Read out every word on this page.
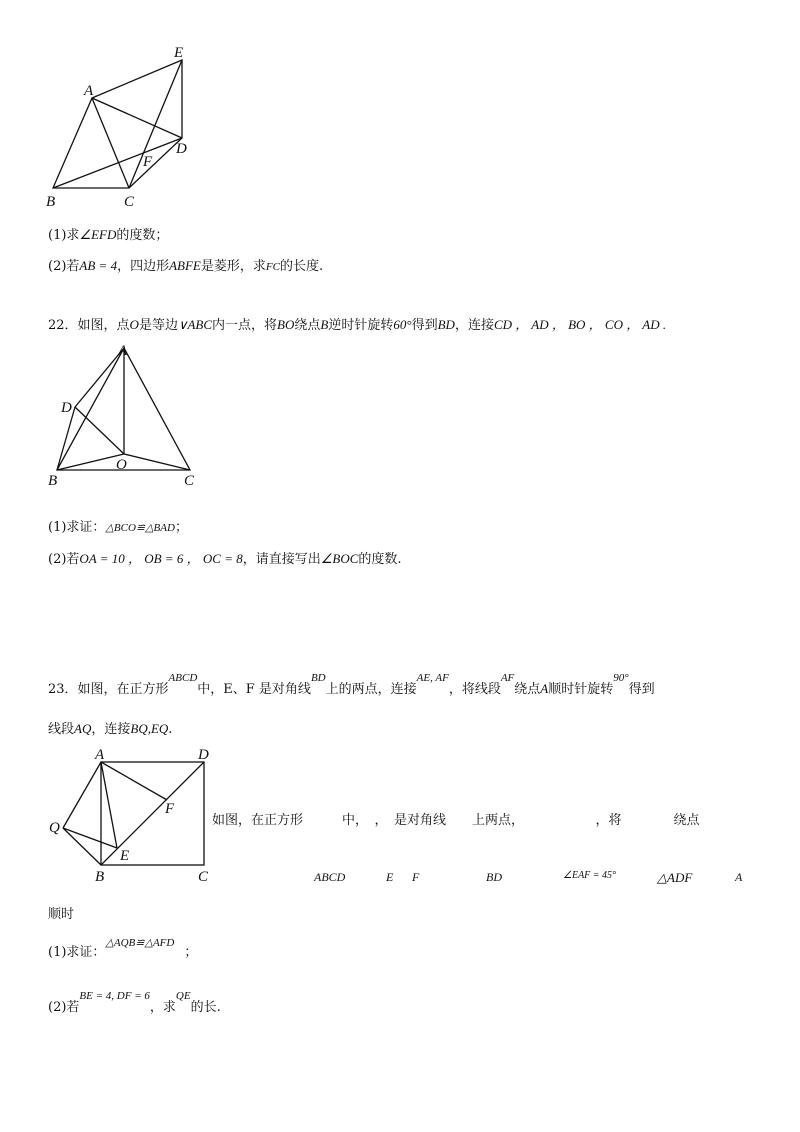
A
B	C
D
E
F
(1)求∠EFD的度数；
(2)若AB = 4，四边形ABFE是菱形，求FC的长度.
22．如图，点O是等边∨ABC内一点，将BO绕点B逆时针旋转60°得到BD，连接CD ， AD ， BO ， CO ， AD .
A
D
O
B	C
(1)求证：△BCO≌△BAD；
(2)若OA = 10 ， OB = 6 ， OC = 8，请直接写出∠BOC的度数.
23．如图，在正方形$^{ABCD}$中，E、F 是对角线$^{BD}$上的两点，连接$^{AE, AF}$，将线段$^{AF}$绕点A顺时针旋转$^{90^\circ}$得到
线段AQ，连接BQ,EQ.
A	D
F
Q
E
B	C
如图，在正方形　　　中，　，　是对角线　　上两点，　　　　　　，将　　　　绕点
ABCD	E F	BD	∠EAF = 45°	△ADF	A
顺时
(1)求证：$^{\triangle AQB≌\triangle AFD}$；
(2)若$^{BE = 4, DF = 6}$，求$^{QE}$的长.
